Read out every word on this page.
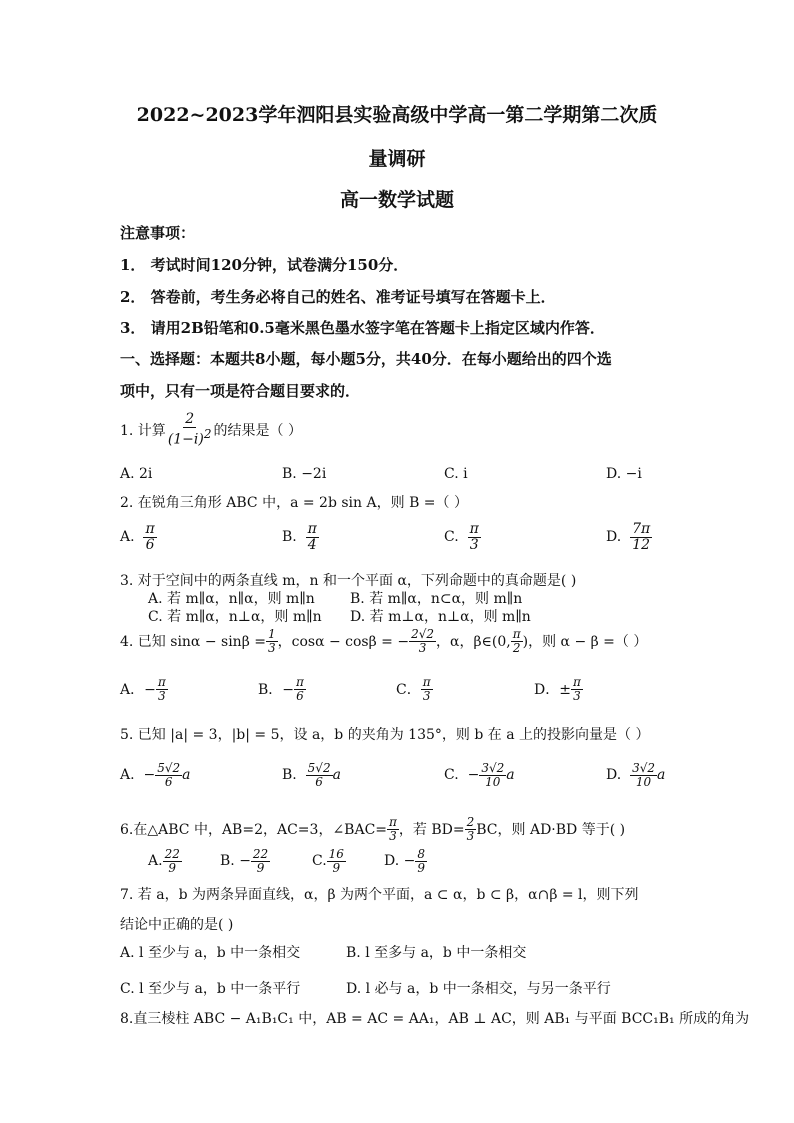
2022~2023学年泗阳县实验高级中学高一第二学期第二次质
量调研
高一数学试题
注意事项：
1． 考试时间120分钟，试卷满分150分．
2． 答卷前，考生务必将自己的姓名、准考证号填写在答题卡上．
3． 请用2B铅笔和0.5毫米黑色墨水签字笔在答题卡上指定区域内作答．
一、选择题：本题共8小题，每小题5分，共40分．在每小题给出的四个选
项中，只有一项是符合题目要求的．
1. 计算 $\frac{2}{(1-i)^2}$ 的结果是（ ）
A. 2i	B. −2i	C. i	D. −i
2. 在锐角三角形 ABC 中，a = 2b sin A，则 B =（ ）
A.
$\frac{\pi}{6}$	B.
$\frac{\pi}{4}$	C.
$\frac{\pi}{3}$	D.
$\frac{7\pi}{12}$
3. 对于空间中的两条直线 m，n 和一个平面 α，下列命题中的真命题是( )
A. 若 m∥α，n∥α，则 m∥n	B. 若 m∥α，n⊂α，则 m∥n
C. 若 m∥α，n⊥α，则 m∥n D. 若 m⊥α，n⊥α，则 m∥n
4. 已知 $\sin\alpha - \sin\beta = \frac{1}{3}$ ，cosα − cosβ = − $\frac{2√2}{3}$ ，α，β∈(0, $\frac{\pi}{2}$ )，则 α − β =（ ）
A．− $\frac{\pi}{3}$	B．− $\frac{\pi}{6}$	C． $\frac{\pi}{3}$	D．± $\frac{\pi}{3}$
5. 已知 |a| = 3，|b| = 5，设 a，b 的夹角为 135°，则 b 在 a 上的投影向量是（ ）
A.
− $\frac{5√2}{6}$ a	B.
$\frac{5√2}{6}$ a	C.
− $\frac{3√2}{10}$ a	D.
$\frac{3√2}{10}$ a
6.在△ABC 中，AB=2，AC=3，∠BAC= $\frac{\pi}{3}$ ，若 $BD= \frac{2}{3}$ BC，则 AD·BD 等于( )
A. $\frac{22}{9}$	B. − $\frac{22}{9}$	C. $\frac{16}{9}$	D. − $\frac{8}{9}$
7. 若 a，b 为两条异面直线，α，β 为两个平面，a ⊂ α，b ⊂ β，α∩β = l，则下列
结论中正确的是( )
A. l 至少与 a，b 中一条相交	B. l 至多与 a，b 中一条相交
C. l 至少与 a，b 中一条平行	D. l 必与 a，b 中一条相交，与另一条平行
8.直三棱柱 ABC − A₁B₁C₁ 中，AB = AC = AA₁，AB ⊥ AC，则 AB₁ 与平面 BCC₁B₁ 所成的角为
